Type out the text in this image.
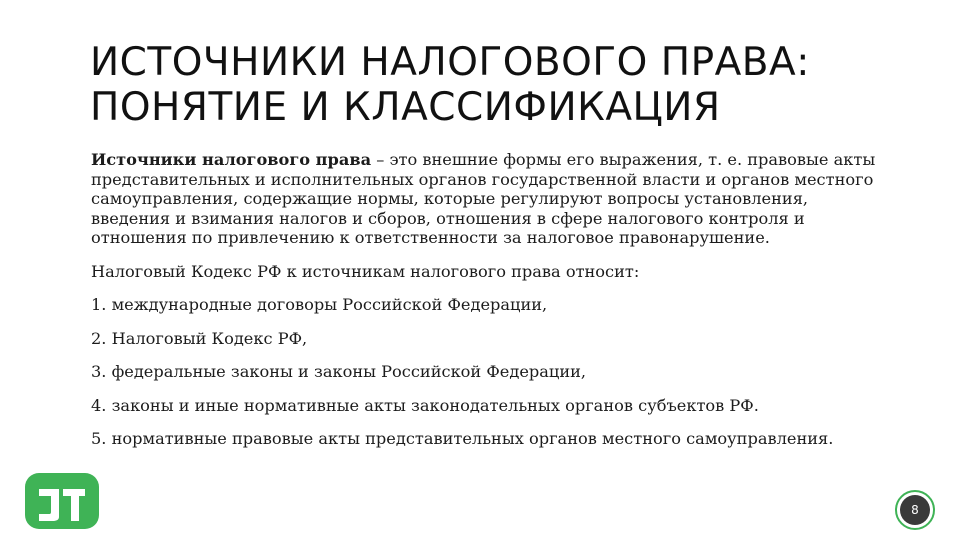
ИСТОЧНИКИ НАЛОГОВОГО ПРАВА: ПОНЯТИЕ И КЛАССИФИКАЦИЯ

Источники налогового права – это внешние формы его выражения, т. е. правовые акты представительных и исполнительных органов государственной власти и органов местного самоуправления, содержащие нормы, которые регулируют вопросы установления, введения и взимания налогов и сборов, отношения в сфере налогового контроля и отношения по привлечению к ответственности за налоговое правонарушение.

Налоговый Кодекс РФ к источникам налогового права относит:

1. международные договоры Российской Федерации,

2. Налоговый Кодекс РФ,

3. федеральные законы и законы Российской Федерации,

4. законы и иные нормативные акты законодательных органов субъектов РФ.

5. нормативные правовые акты представительных органов местного самоуправления.

8
